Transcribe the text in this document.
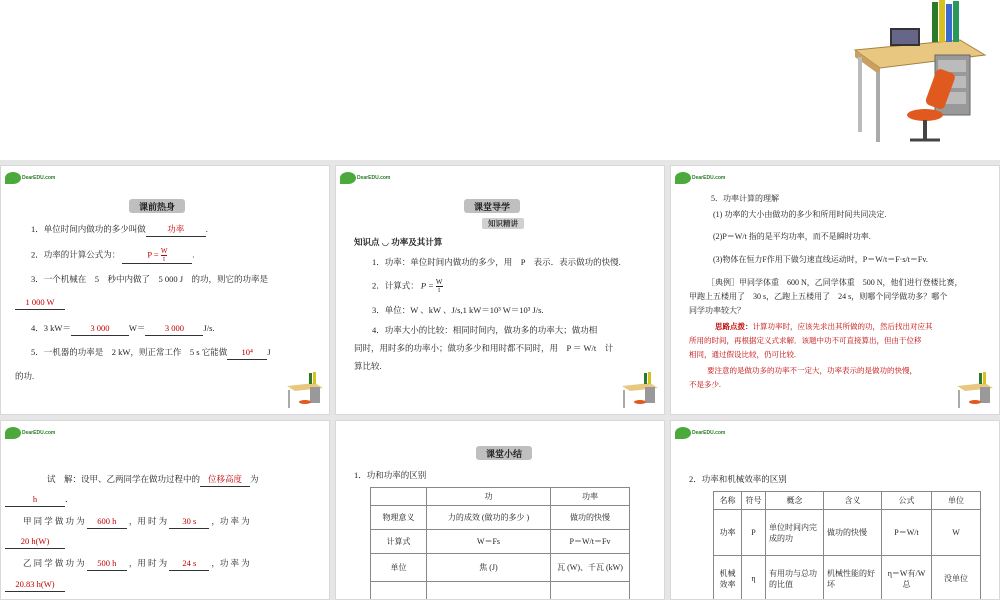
DearEDU.com
课前热身
1．单位时间内做功的多少叫做	功率	.
2．功率的计算公式为：	$P = \frac{W}{t}$	.
3．一个机械在　5　秒中内做了　5 000 J　的功，则它的功率是
1 000 W
4．3 kW＝ 3 000 W＝ 3 000 J/s.
5．一机器的功率是　2 kW，则正常工作　5 s 它能做 10⁴ J
的功.
DearEDU.com
课堂导学
知识精讲
知识点 ◡ 功率及其计算
1．功率：单位时间内做功的多少，用　P　表示．表示做功的快慢.
2．计算式： $P = \frac{W}{t}$
3．单位：W 、kW 、J/s,1 kW＝10³ W＝10³ J/s.
4．功率大小的比较：相同时间内，做功多的功率大；做功相
同时，用时多的功率小；做功多少和用时都不同时，用　P ＝ W/t　计
算比较.
DearEDU.com
5．功率计算的理解
(1) 功率的大小由做功的多少和所用时间共同决定.
(2)P＝W/t 指的是平均功率，而不是瞬时功率.
(3)物体在恒力F作用下做匀速直线运动时，P＝W/t＝F·s/t＝Fv.
［典例］甲同学体重　600 N，乙同学体重　500 N，他们进行登楼比赛，
甲跑上五楼用了　30 s，乙跑上五楼用了　24 s，则哪个同学做功多？哪个
同学功率较大？
思路点拨：计算功率时，应该先求出其所做的功，然后找出对应其
所用的时间，再根据定义式求解．该题中功不可直接算出，但由于位移
相同，通过假设比较，仍可比较.
要注意的是做功多的功率不一定大，功率表示的是做功的快慢，
不是多少.
DearEDU.com
试　解：设甲、乙两同学在做功过程中的 位移高度 为
h	．
甲 同 学 做 功 为 600 h ，用 时 为 30 s ，功 率 为
20 h(W)
乙 同 学 做 功 为 500 h ，用 时 为 24 s ，功 率 为
20.83 h(W)
课堂小结
1．功和功率的区别
	功	功率
物理意义	力的成效 (做功的多少 )	做功的快慢
计算式	W＝Fs	P＝W/t＝Fv
单位	焦 (J)	瓦 (W)、千瓦 (kW)

DearEDU.com
2．功率和机械效率的区别
名称	符号	概念	含义	公式	单位
功率	P	单位时间内完成的功	做功的快慢	P＝W/t	W
机械效率	η	有用功与总功的比值	机械性能的好坏	η＝W有/W总	没单位
